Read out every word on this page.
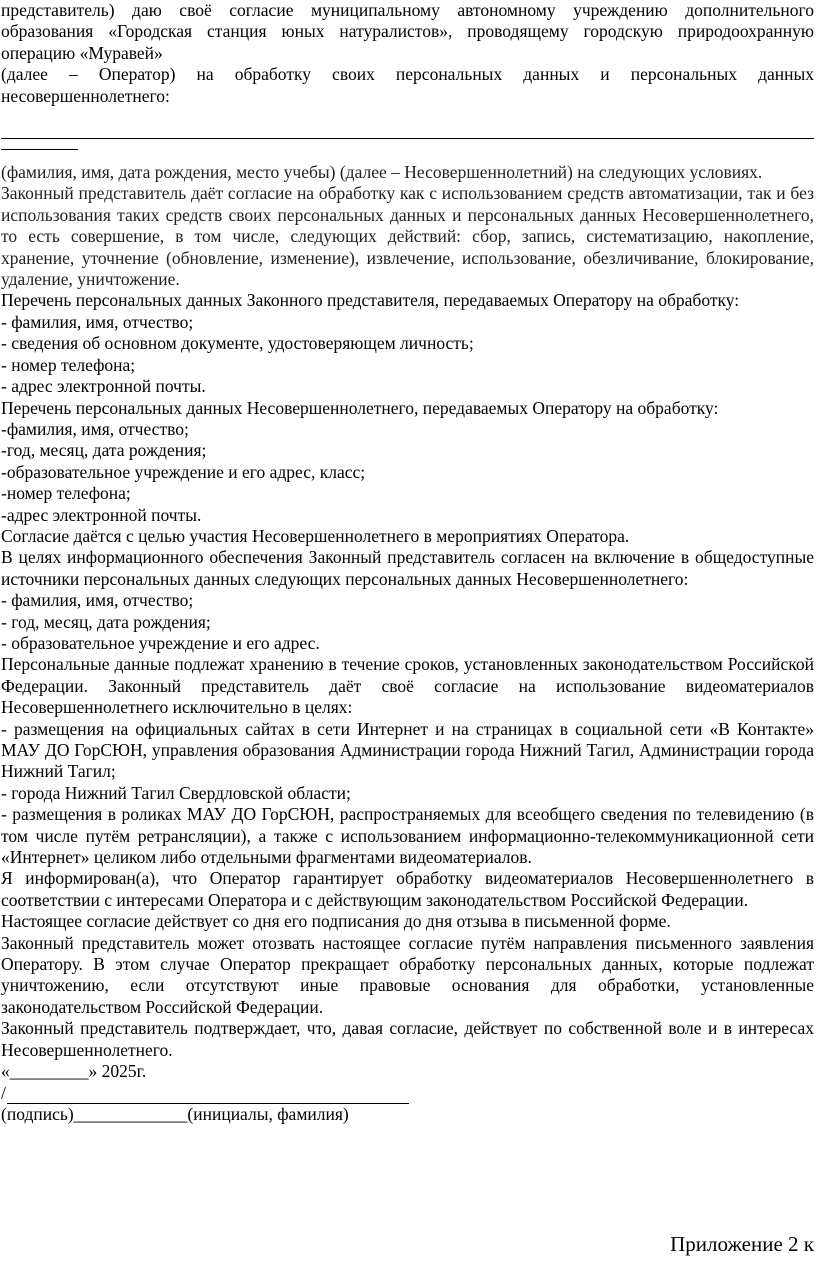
представитель) даю своё согласие муниципальному автономному учреждению дополнительного образования «Городская станция юных натуралистов», проводящему городскую природоохранную операцию «Муравей»

(далее – Оператор) на обработку своих персональных данных и персональных данных несовершеннолетнего:

(фамилия, имя, дата рождения, место учебы) (далее – Несовершеннолетний) на следующих условиях.

Законный представитель даёт согласие на обработку как с использованием средств автоматизации, так и без использования таких средств своих персональных данных и персональных данных Несовершеннолетнего, то есть совершение, в том числе, следующих действий: сбор, запись, систематизацию, накопление, хранение, уточнение (обновление, изменение), извлечение, использование, обезличивание, блокирование, удаление, уничтожение.

Перечень персональных данных Законного представителя, передаваемых Оператору на обработку:

- фамилия, имя, отчество;

- сведения об основном документе, удостоверяющем личность;

- номер телефона;

- адрес электронной почты.

Перечень персональных данных Несовершеннолетнего, передаваемых Оператору на обработку:

-фамилия, имя, отчество;

-год, месяц, дата рождения;

-образовательное учреждение и его адрес, класс;

-номер телефона;

-адрес электронной почты.

Согласие даётся с целью участия Несовершеннолетнего в мероприятиях Оператора.

В целях информационного обеспечения Законный представитель согласен на включение в общедоступные источники персональных данных следующих персональных данных Несовершеннолетнего:

- фамилия, имя, отчество;

- год, месяц, дата рождения;

- образовательное учреждение и его адрес.

Персональные данные подлежат хранению в течение сроков, установленных законодательством Российской Федерации. Законный представитель даёт своё согласие на использование видеоматериалов Несовершеннолетнего исключительно в целях:

- размещения на официальных сайтах в сети Интернет и на страницах в социальной сети «В Контакте» МАУ ДО ГорСЮН, управления образования Администрации города Нижний Тагил, Администрации города Нижний Тагил;

- города Нижний Тагил Свердловской области;

- размещения в роликах МАУ ДО ГорСЮН, распространяемых для всеобщего сведения по телевидению (в том числе путём ретрансляции), а также с использованием информационно-телекоммуникационной сети «Интернет» целиком либо отдельными фрагментами видеоматериалов.

Я информирован(а), что Оператор гарантирует обработку видеоматериалов Несовершеннолетнего в соответствии с интересами Оператора и с действующим законодательством Российской Федерации.

Настоящее согласие действует со дня его подписания до дня отзыва в письменной форме.

Законный представитель может отозвать настоящее согласие путём направления письменного заявления Оператору. В этом случае Оператор прекращает обработку персональных данных, которые подлежат уничтожению, если отсутствуют иные правовые основания для обработки, установленные законодательством Российской Федерации.

Законный представитель подтверждает, что, давая согласие, действует по собственной воле и в интересах Несовершеннолетнего.

«_________» 2025г.
/
(подпись)_____________(инициалы, фамилия)
Приложение 2 к
